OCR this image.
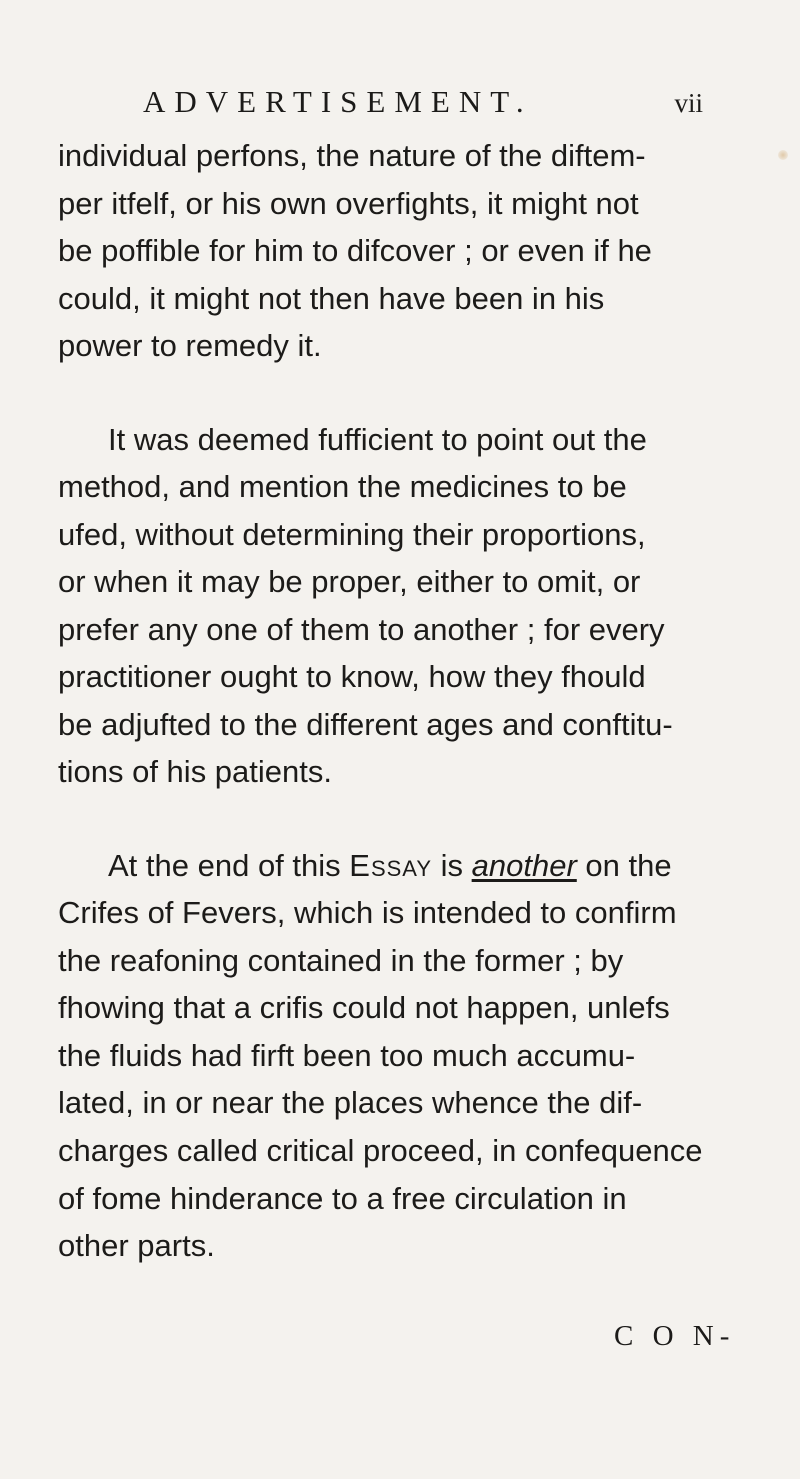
ADVERTISEMENT.	vii
individual perfons, the nature of the diftem-
per itfelf, or his own overfights, it might not
be poffible for him to difcover ; or even if he
could, it might not then have been in his
power to remedy it.
It was deemed fufficient to point out the
method, and mention the medicines to be
ufed, without determining their proportions,
or when it may be proper, either to omit, or
prefer any one of them to another ; for every
practitioner ought to know, how they fhould
be adjufted to the different ages and conftitu-
tions of his patients.
At the end of this Essay is another on the
Crifes of Fevers, which is intended to confirm
the reafoning contained in the former ; by
fhowing that a crifis could not happen, unlefs
the fluids had firft been too much accumu-
lated, in or near the places whence the dif-
charges called critical proceed, in confequence
of fome hinderance to a free circulation in
other parts.
C O N-
